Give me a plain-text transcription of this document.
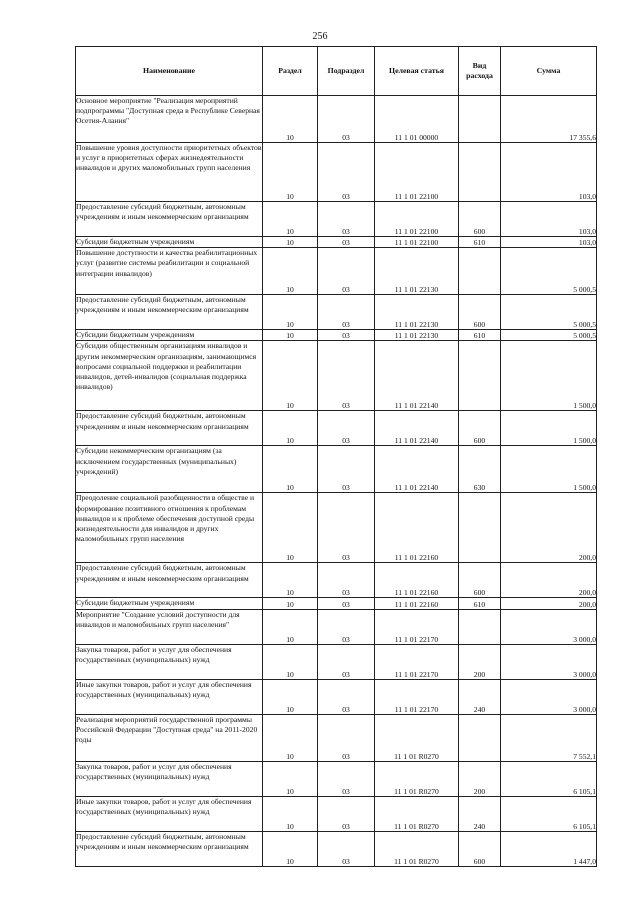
256
Наименование	Раздел	Подраздел	Целевая статья	Вид расхода	Сумма
Основное мероприятие "Реализация мероприятий подпрограммы "Доступная среда в Республике Северная Осетия-Алания"	10	03	11 1 01 00000		17 355,6
Повышение уровня доступности приоритетных объектов и услуг в приоритетных сферах жизнедеятельности инвалидов и других маломобильных групп населения	10	03	11 1 01 22100		103,0
Предоставление субсидий бюджетным, автономным учреждениям и иным некоммерческим организациям	10	03	11 1 01 22100	600	103,0
Субсидии бюджетным учреждениям	10	03	11 1 01 22100	610	103,0
Повышение доступности и качества реабилитационных услуг (развитие системы реабилитации и социальной интеграции инвалидов)	10	03	11 1 01 22130		5 000,5
Предоставление субсидий бюджетным, автономным учреждениям и иным некоммерческим организациям	10	03	11 1 01 22130	600	5 000,5
Субсидии бюджетным учреждениям	10	03	11 1 01 22130	610	5 000,5
Субсидии общественным организациям инвалидов и другим некоммерческим организациям, занимающимся вопросами социальной поддержки и реабилитации инвалидов, детей-инвалидов (социальная поддержка инвалидов)	10	03	11 1 01 22140		1 500,0
Предоставление субсидий бюджетным, автономным учреждениям и иным некоммерческим организациям	10	03	11 1 01 22140	600	1 500,0
Субсидии некоммерческим организациям (за исключением государственных (муниципальных) учреждений)	10	03	11 1 01 22140	630	1 500,0
Преодоление социальной разобщенности в обществе и формирование позитивного отношения к проблемам инвалидов и к проблеме обеспечения доступной среды жизнедеятельности для инвалидов и других маломобильных групп населения	10	03	11 1 01 22160		200,0
Предоставление субсидий бюджетным, автономным учреждениям и иным некоммерческим организациям	10	03	11 1 01 22160	600	200,0
Субсидии бюджетным учреждениям	10	03	11 1 01 22160	610	200,0
Мероприятие "Создание условий доступности для инвалидов и маломобильных групп населения"	10	03	11 1 01 22170		3 000,0
Закупка товаров, работ и услуг для обеспечения государственных (муниципальных) нужд	10	03	11 1 01 22170	200	3 000,0
Иные закупки товаров, работ и услуг для обеспечения государственных (муниципальных) нужд	10	03	11 1 01 22170	240	3 000,0
Реализация мероприятий государственной программы Российской Федерации "Доступная среда" на 2011-2020 годы	10	03	11 1 01 R0270		7 552,1
Закупка товаров, работ и услуг для обеспечения государственных (муниципальных) нужд	10	03	11 1 01 R0270	200	6 105,1
Иные закупки товаров, работ и услуг для обеспечения государственных (муниципальных) нужд	10	03	11 1 01 R0270	240	6 105,1
Предоставление субсидий бюджетным, автономным учреждениям и иным некоммерческим организациям	10	03	11 1 01 R0270	600	1 447,0
